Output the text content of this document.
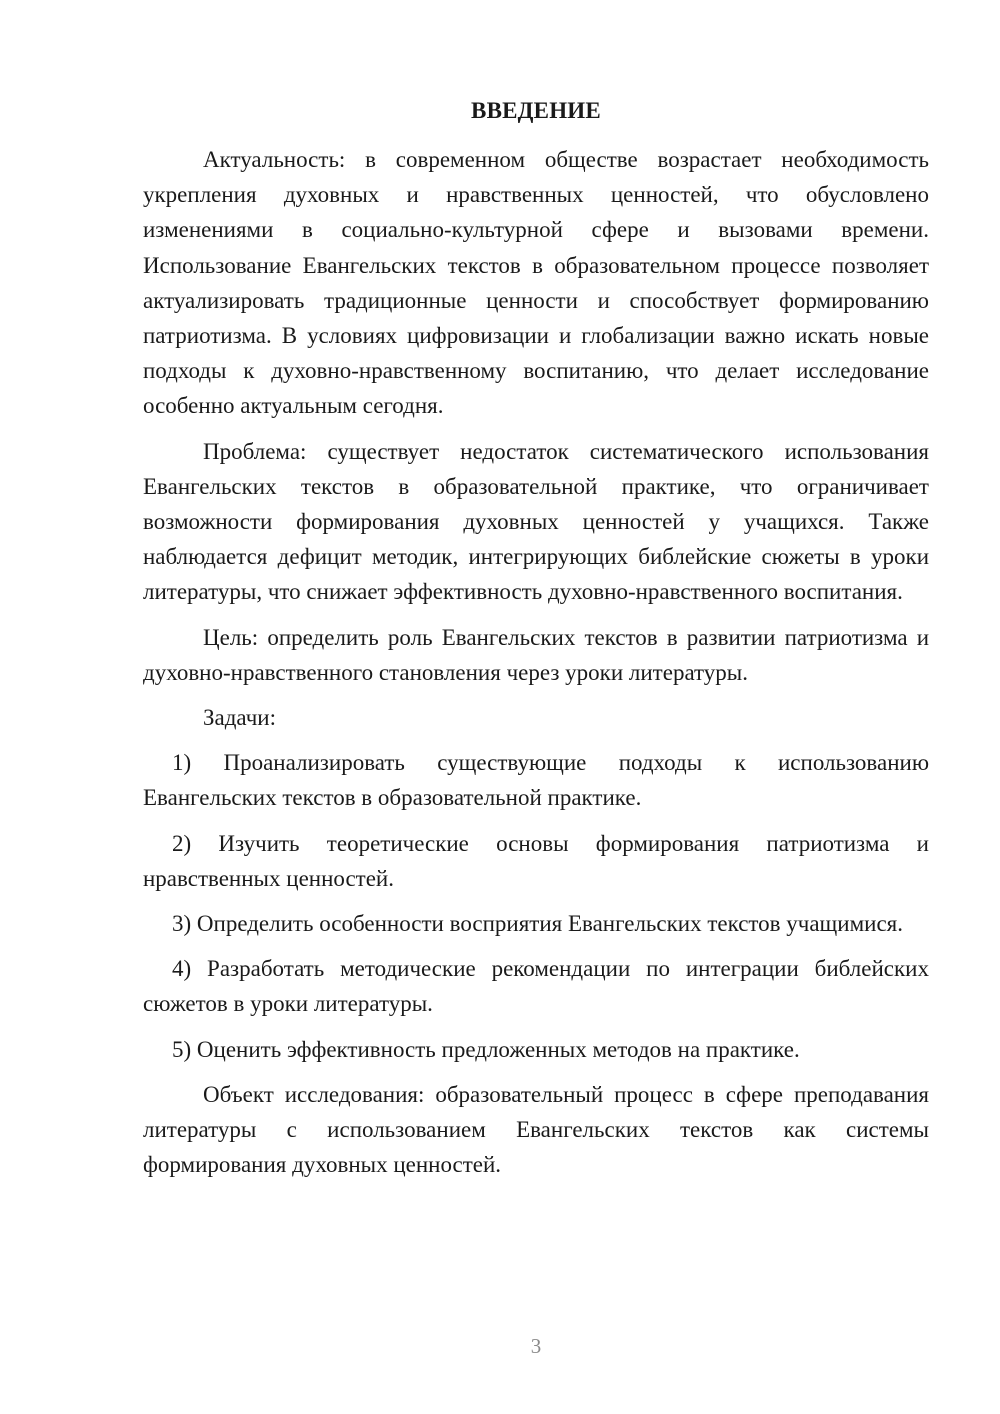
ВВЕДЕНИЕ

Актуальность: в современном обществе возрастает необходимость укрепления духовных и нравственных ценностей, что обусловлено изменениями в социально-культурной сфере и вызовами времени. Использование Евангельских текстов в образовательном процессе позволяет актуализировать традиционные ценности и способствует формированию патриотизма. В условиях цифровизации и глобализации важно искать новые подходы к духовно-нравственному воспитанию, что делает исследование особенно актуальным сегодня.

Проблема: существует недостаток систематического использования Евангельских текстов в образовательной практике, что ограничивает возможности формирования духовных ценностей у учащихся. Также наблюдается дефицит методик, интегрирующих библейские сюжеты в уроки литературы, что снижает эффективность духовно-нравственного воспитания.

Цель: определить роль Евангельских текстов в развитии патриотизма и духовно-нравственного становления через уроки литературы.

Задачи:

1) Проанализировать существующие подходы к использованию Евангельских текстов в образовательной практике.

2) Изучить теоретические основы формирования патриотизма и нравственных ценностей.

3) Определить особенности восприятия Евангельских текстов учащимися.

4) Разработать методические рекомендации по интеграции библейских сюжетов в уроки литературы.

5) Оценить эффективность предложенных методов на практике.

Объект исследования: образовательный процесс в сфере преподавания литературы с использованием Евангельских текстов как системы формирования духовных ценностей.

3
